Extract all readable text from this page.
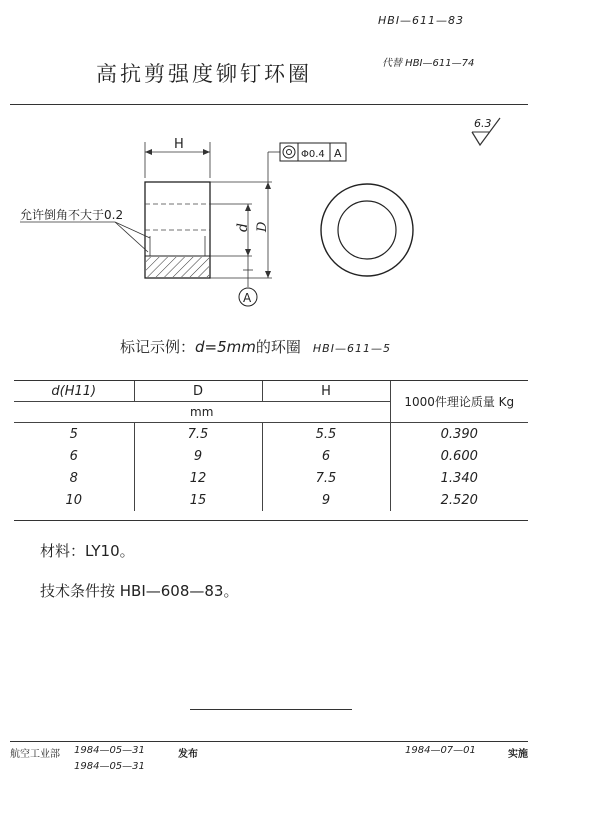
HBI—611—83
高抗剪强度铆钉环圈	代替 HBI—611—74
6.3
H
允许倒角不大于0.2
d D
Φ0.4 A
A
标记示例：d=5mm的环圈 HBI—611—5
d(H11)	D	H	1000件理论质量 Kg
mm			
5	7.5	5.5	0.390
6	9	6	0.600
8	12	7.5	1.340
10	15	9	2.520
材料：LY10。
技术条件按 HBI—608—83。
航空工业部 1984—05—31	发布
1984—05—31
1984—07—01	实施
